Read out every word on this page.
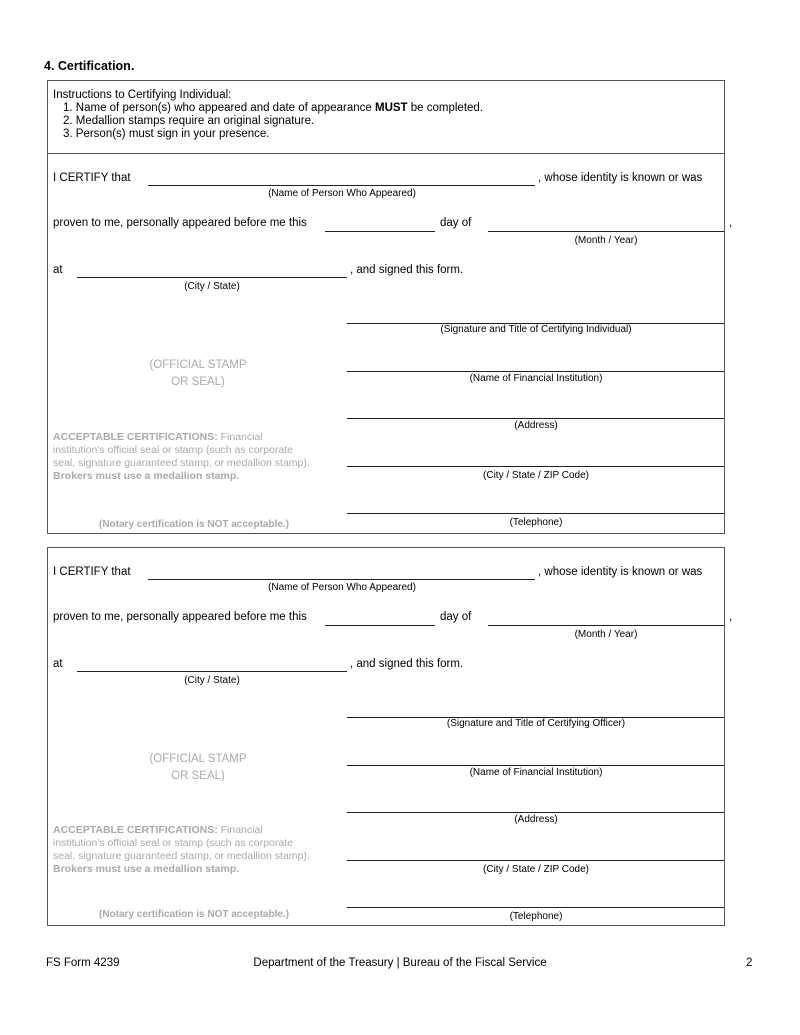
4. Certification.
Instructions to Certifying Individual:
1. Name of person(s) who appeared and date of appearance MUST be completed.
2. Medallion stamps require an original signature.
3. Person(s) must sign in your presence.
I CERTIFY that	, whose identity is known or was
(Name of Person Who Appeared)
proven to me, personally appeared before me this	day of	,
(Month / Year)
at	, and signed this form.
(City / State)
(Signature and Title of Certifying Individual)
(OFFICIAL STAMP
OR SEAL)	(Name of Financial Institution)
(Address)
ACCEPTABLE CERTIFICATIONS: Financial
institution's official seal or stamp (such as corporate
seal, signature guaranteed stamp, or medallion stamp).
Brokers must use a medallion stamp.	(City / State / ZIP Code)
(Notary certification is NOT acceptable.)	(Telephone)
I CERTIFY that	, whose identity is known or was
(Name of Person Who Appeared)
proven to me, personally appeared before me this	day of	,
(Month / Year)
at	, and signed this form.
(City / State)
(Signature and Title of Certifying Officer)
(OFFICIAL STAMP
OR SEAL)	(Name of Financial Institution)
(Address)
ACCEPTABLE CERTIFICATIONS: Financial
institution's official seal or stamp (such as corporate
seal, signature guaranteed stamp, or medallion stamp).
Brokers must use a medallion stamp.	(City / State / ZIP Code)
(Notary certification is NOT acceptable.)	(Telephone)
FS Form 4239	Department of the Treasury | Bureau of the Fiscal Service	2
